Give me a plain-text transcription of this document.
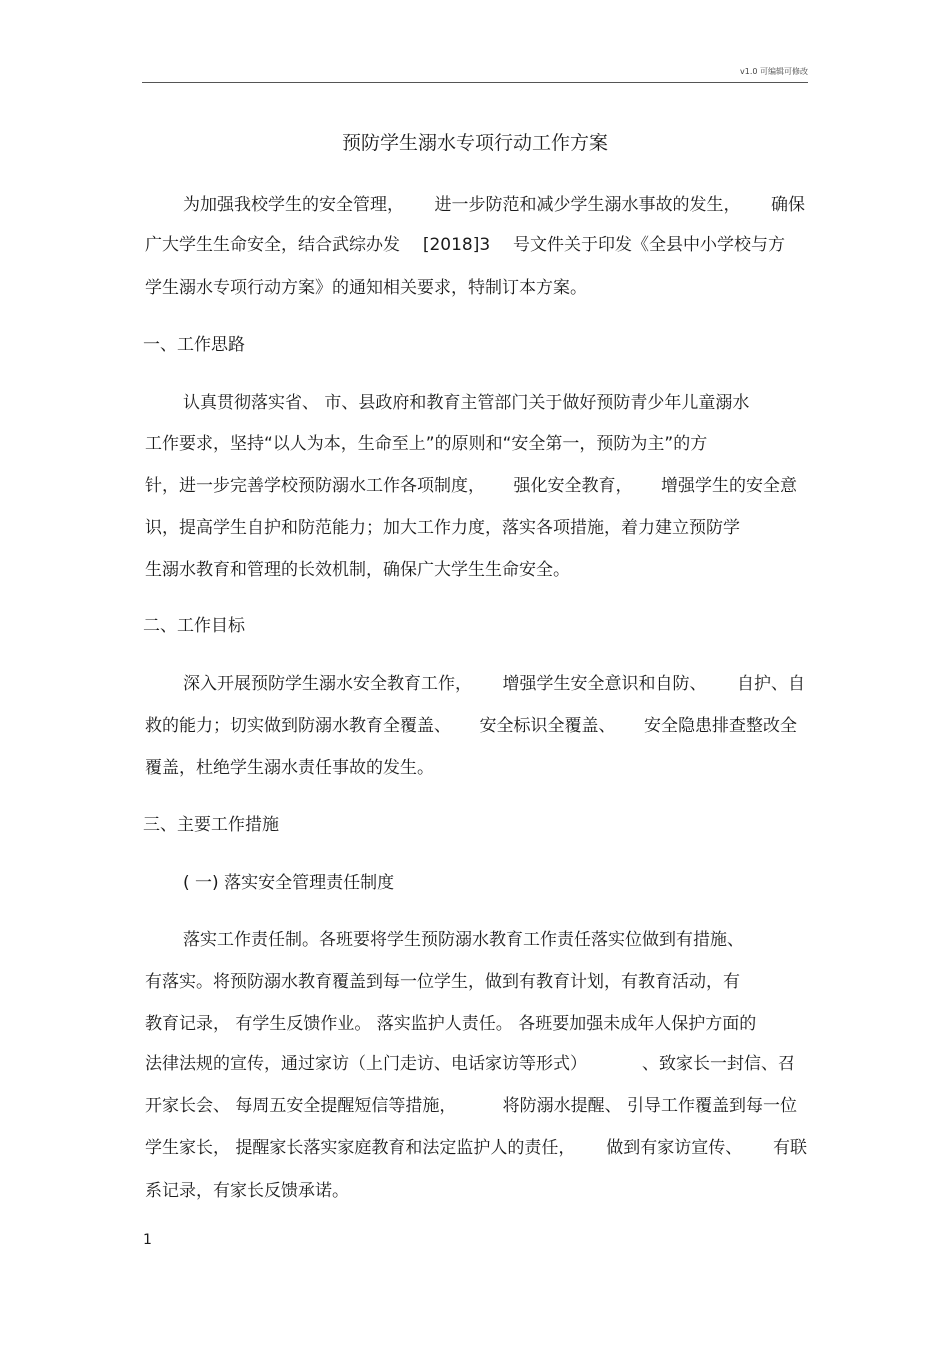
v1.0 可编辑可修改
预防学生溺水专项行动工作方案
为加强我校学生的安全管理， 进一步防范和减少学生溺水事故的发生， 确保
广大学生生命安全，结合武综办发 [2018]3 号文件关于印发《全县中小学校与方
学生溺水专项行动方案》的通知相关要求，特制订本方案。
一、工作思路
认真贯彻落实省、 市、县政府和教育主管部门关于做好预防青少年儿童溺水
工作要求，坚持“以人为本，生命至上”的原则和“安全第一，预防为主”的方
针，进一步完善学校预防溺水工作各项制度， 强化安全教育， 增强学生的安全意
识，提高学生自护和防范能力；加大工作力度，落实各项措施，着力建立预防学
生溺水教育和管理的长效机制，确保广大学生生命安全。
二、工作目标
深入开展预防学生溺水安全教育工作， 增强学生安全意识和自防、 自护、自
救的能力；切实做到防溺水教育全覆盖、 安全标识全覆盖、 安全隐患排查整改全
覆盖，杜绝学生溺水责任事故的发生。
三、主要工作措施
( 一) 落实安全管理责任制度
落实工作责任制。各班要将学生预防溺水教育工作责任落实位做到有措施、
有落实。将预防溺水教育覆盖到每一位学生，做到有教育计划，有教育活动，有
教育记录， 有学生反馈作业。 落实监护人责任。 各班要加强未成年人保护方面的
法律法规的宣传，通过家访（上门走访、电话家访等形式）	、致家长一封信、召
开家长会、 每周五安全提醒短信等措施，	将防溺水提醒、 引导工作覆盖到每一位
学生家长， 提醒家长落实家庭教育和法定监护人的责任， 做到有家访宣传、 有联
系记录，有家长反馈承诺。
1
